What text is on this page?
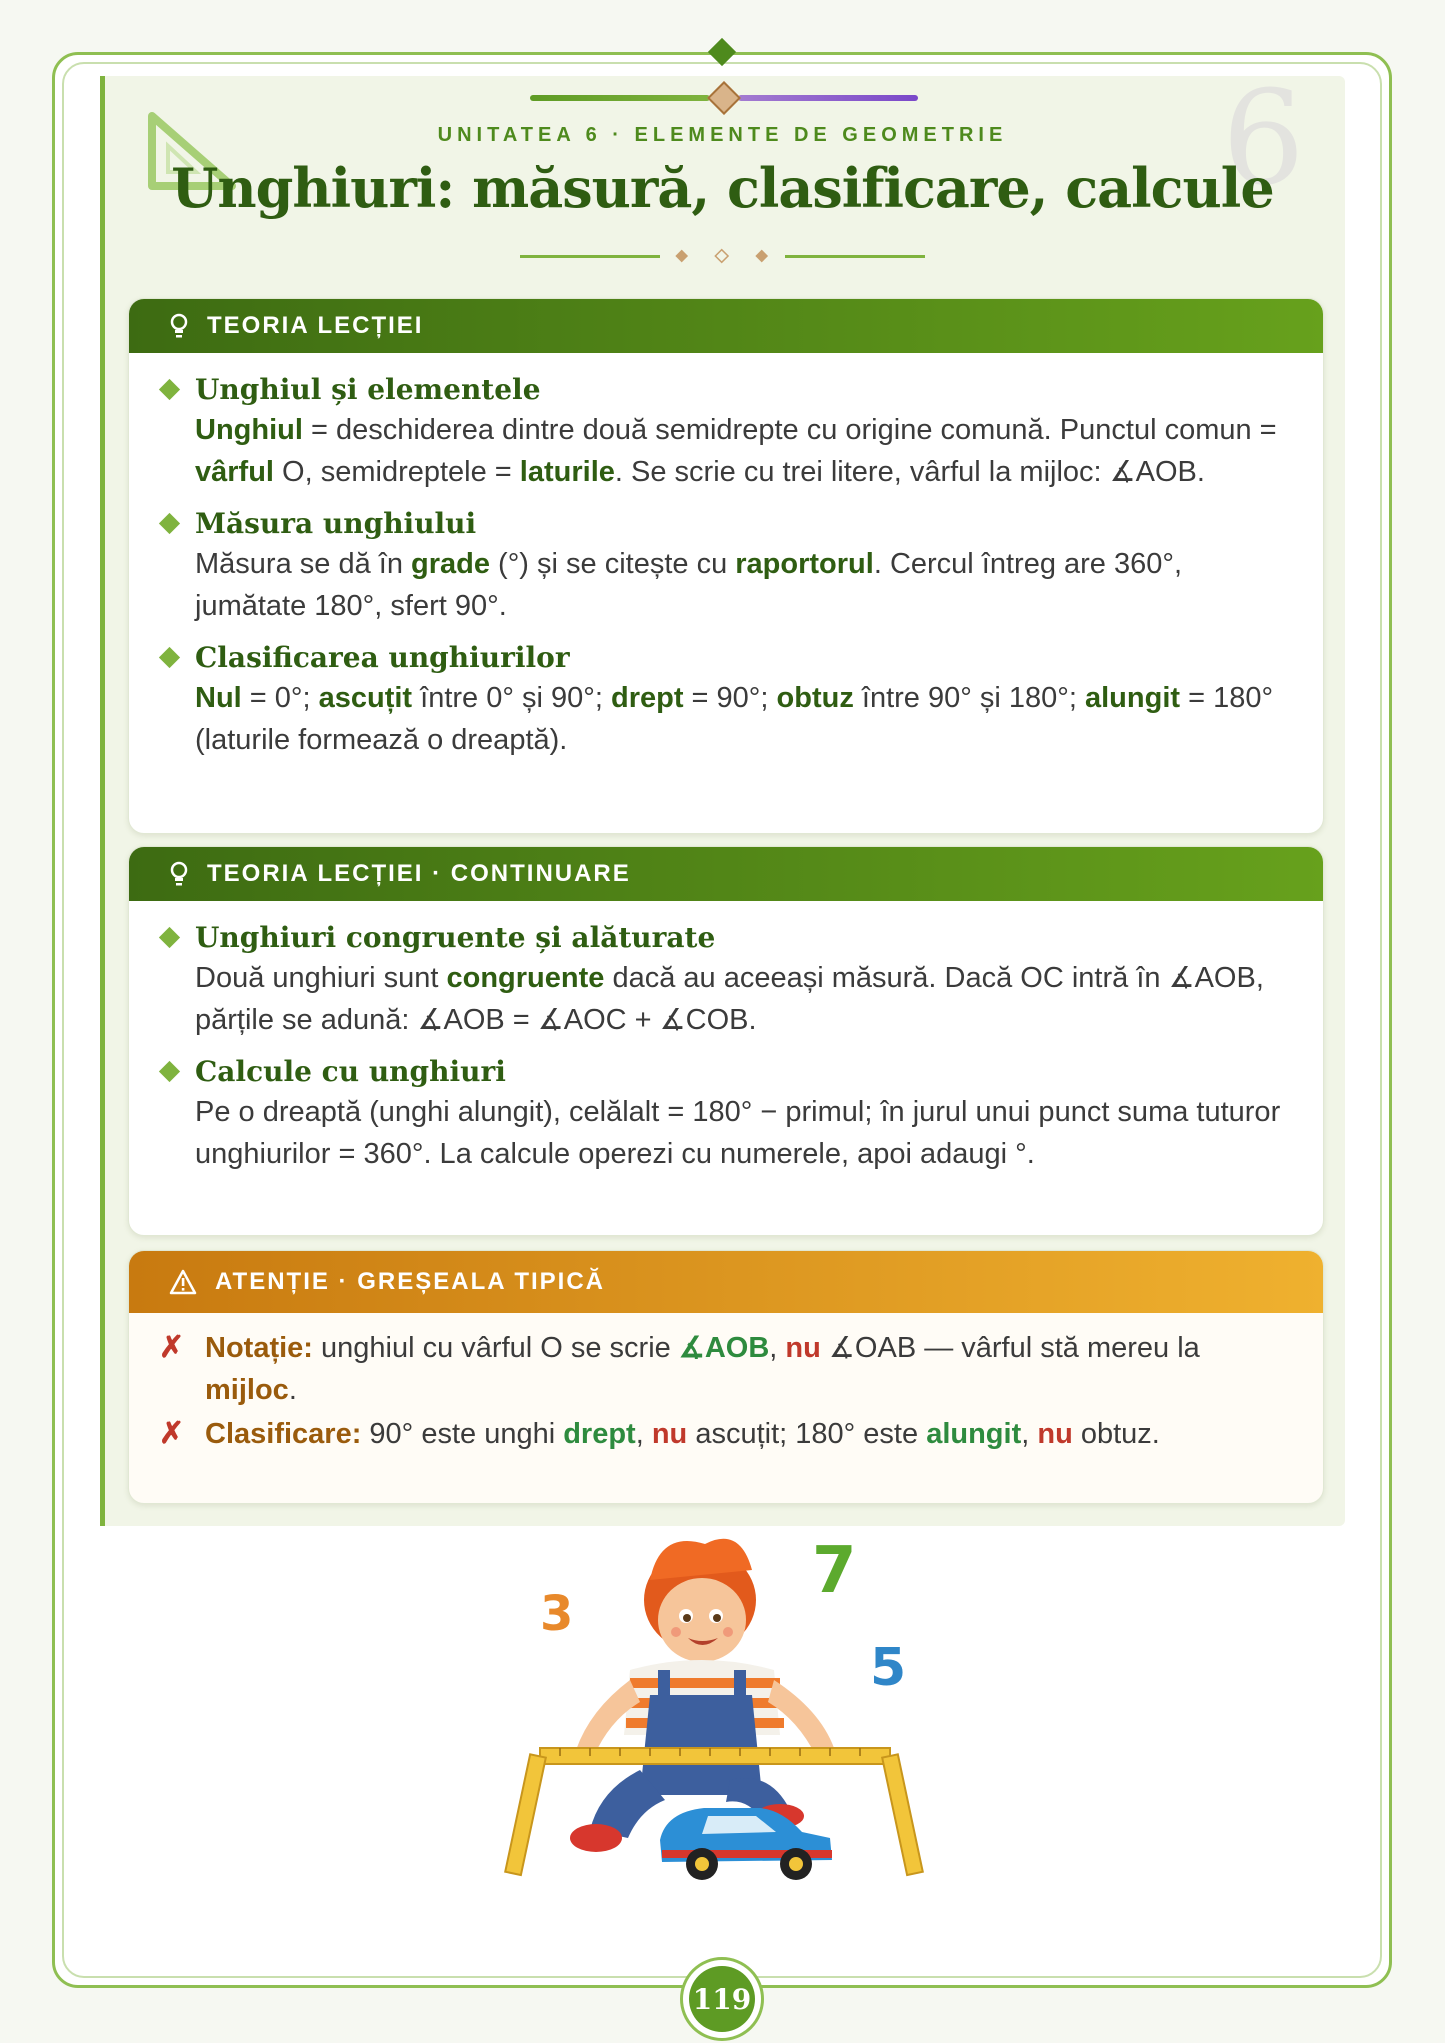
6
UNITATEA 6 · ELEMENTE DE GEOMETRIE
Unghiuri: măsură, clasificare, calcule
TEORIA LECȚIEI
Unghiul și elementele
Unghiul = deschiderea dintre două semidrepte cu origine comună. Punctul comun = vârful O, semidreptele = laturile. Se scrie cu trei litere, vârful la mijloc: ∡AOB.
Măsura unghiului
Măsura se dă în grade (°) și se citește cu raportorul. Cercul întreg are 360°, jumătate 180°, sfert 90°.
Clasificarea unghiurilor
Nul = 0°; ascuțit între 0° și 90°; drept = 90°; obtuz între 90° și 180°; alungit = 180° (laturile formează o dreaptă).
TEORIA LECȚIEI · CONTINUARE
Unghiuri congruente și alăturate
Două unghiuri sunt congruente dacă au aceeași măsură. Dacă OC intră în ∡AOB, părțile se adună: ∡AOB = ∡AOC + ∡COB.
Calcule cu unghiuri
Pe o dreaptă (unghi alungit), celălalt = 180° − primul; în jurul unui punct suma tuturor unghiurilor = 360°. La calcule operezi cu numerele, apoi adaugi °.
ATENȚIE · GREȘEALA TIPICĂ
✗ Notație: unghiul cu vârful O se scrie ∡AOB, nu ∡OAB — vârful stă mereu la mijloc.
✗ Clasificare: 90° este unghi drept, nu ascuțit; 180° este alungit, nu obtuz.
3
7
5
119
